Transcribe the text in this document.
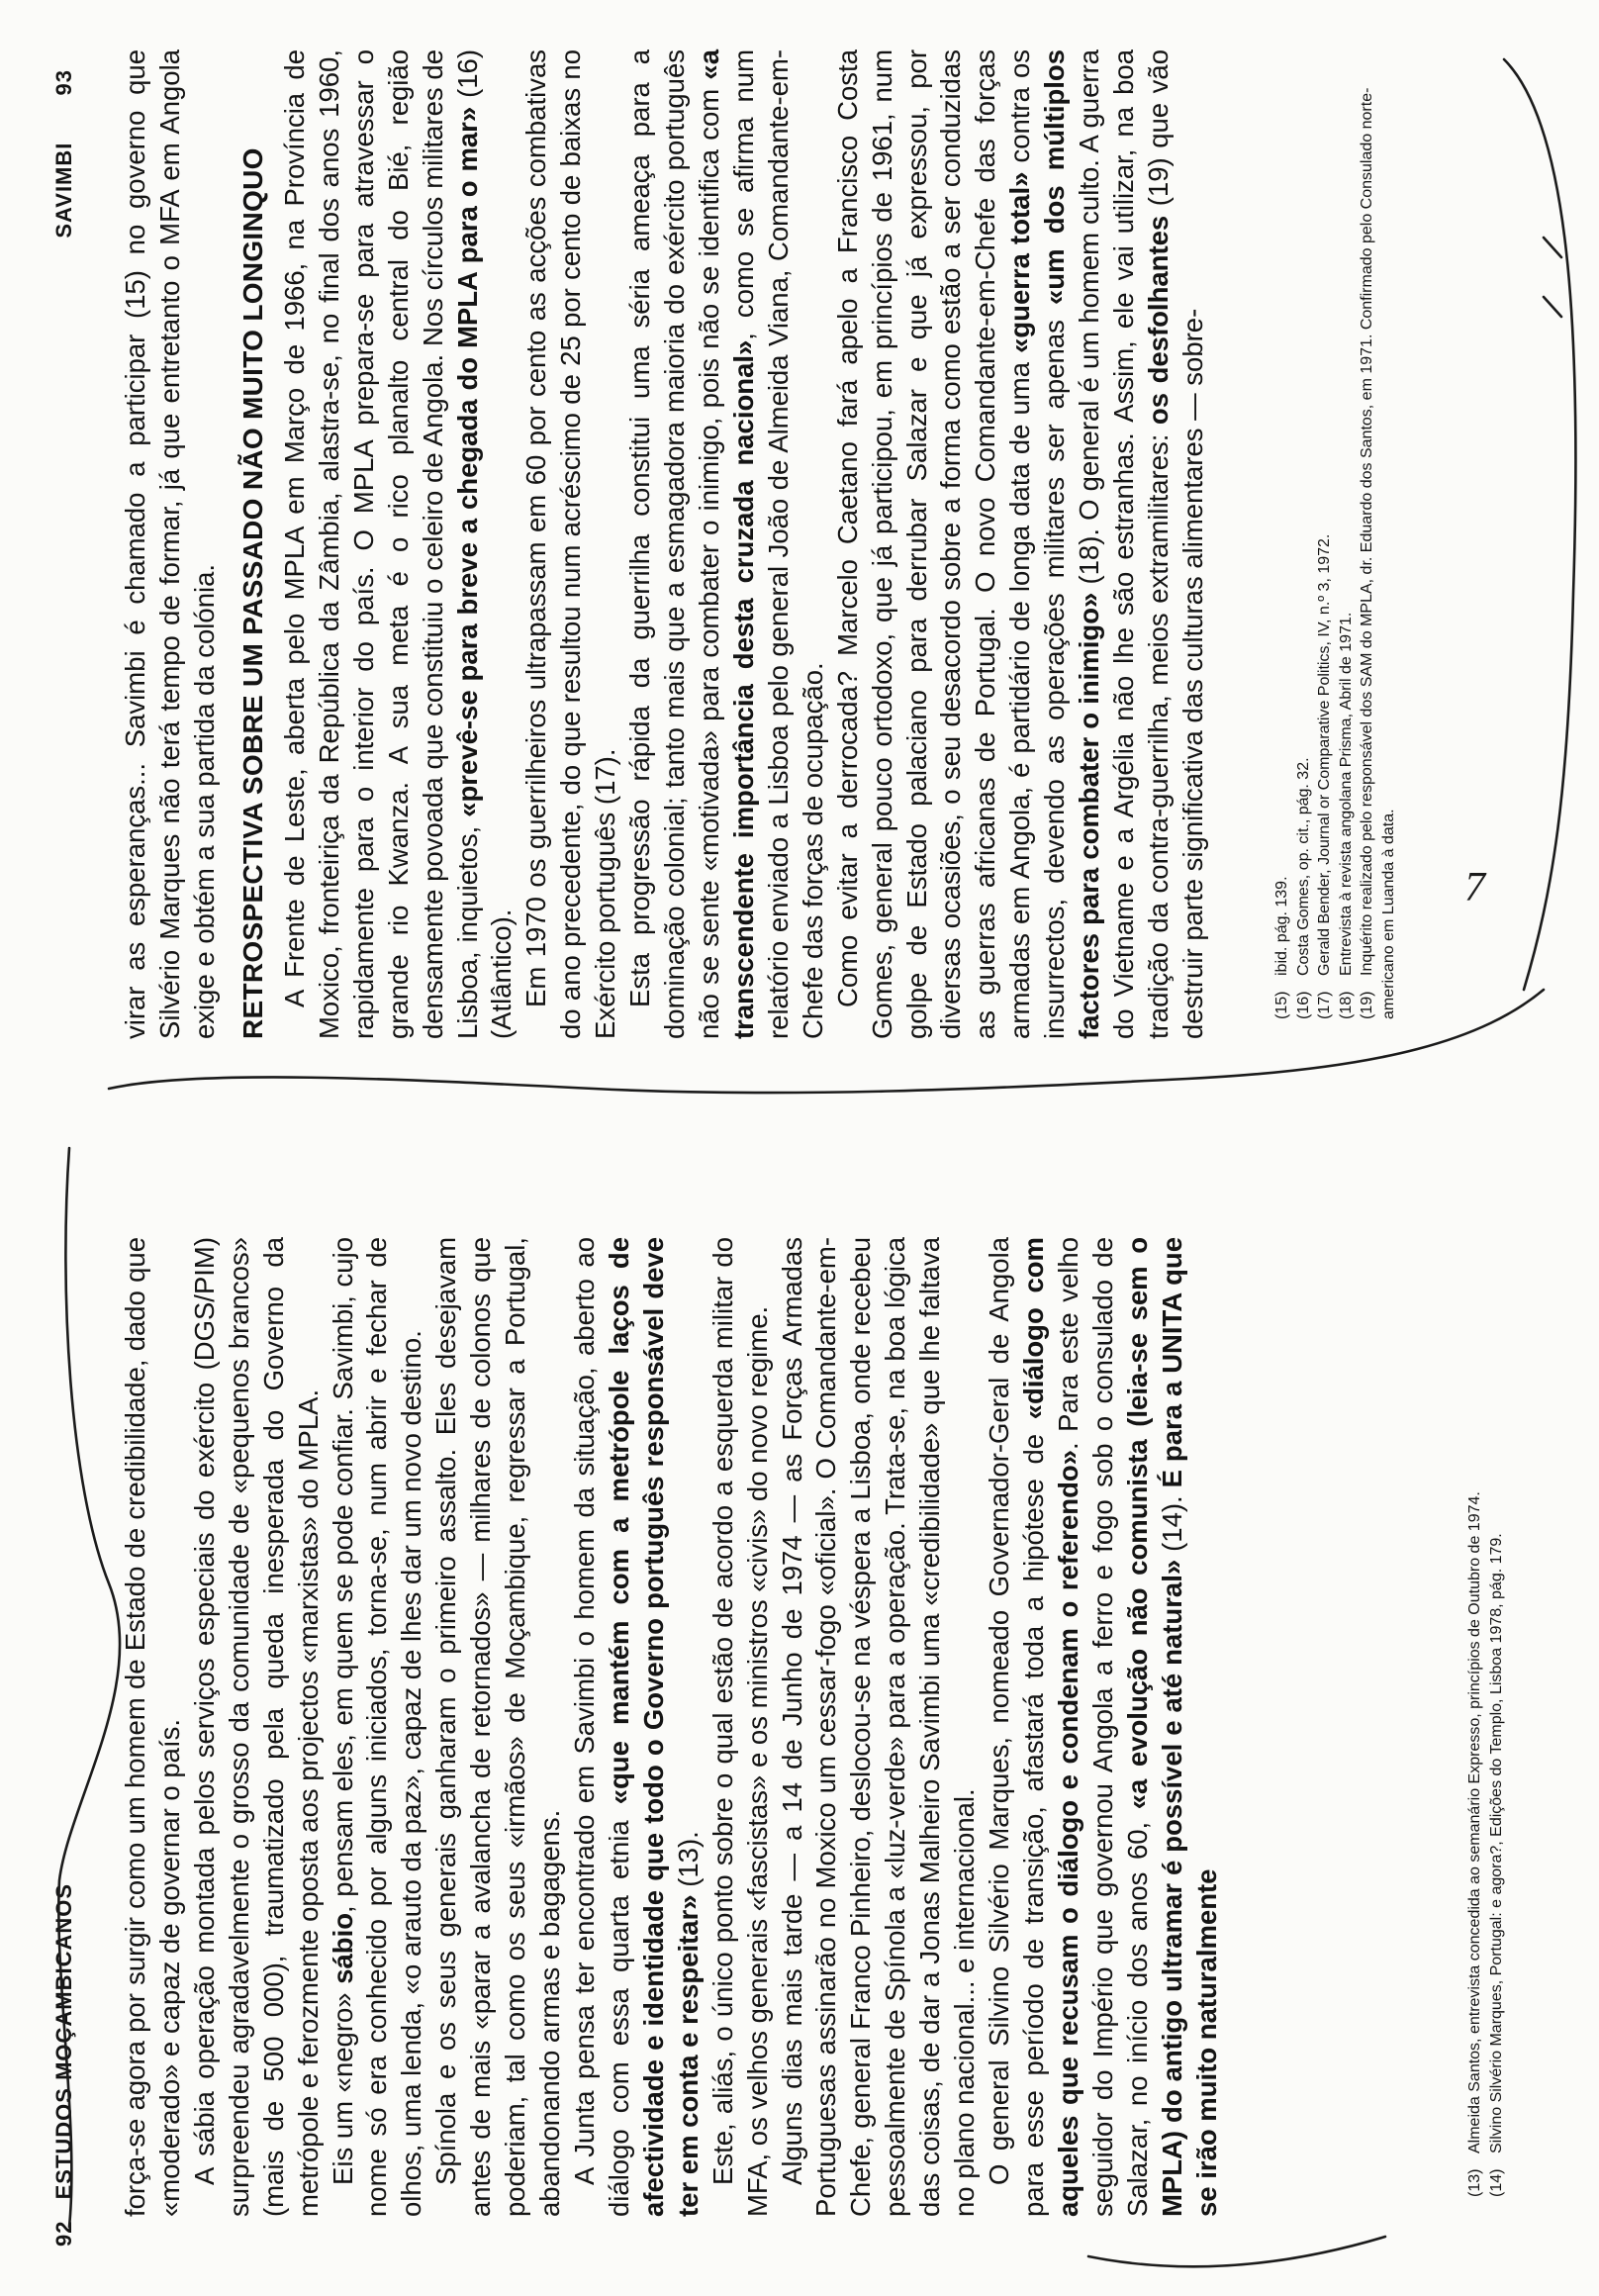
92 ESTUDOS MOÇAMBICANOS força-se agora por surgir como um homem de Estado de credibilidade, dado que «moderado» e capaz de governar o país. A sábia operação montada pelos serviços especiais do exército (DGS/PIM) surpreendeu agradavelmente o grosso da comunidade de «pequenos brancos» (mais de 500 000), traumatizado pela queda inesperada do Governo da metrópole e ferozmente oposta aos projectos «marxistas» do MPLA. Eis um «negro» sábio, pensam eles, em quem se pode confiar. Savimbi, cujo nome só era conhecido por alguns iniciados, torna-se, num abrir e fechar de olhos, uma lenda, «o arauto da paz», capaz de lhes dar um novo destino. Spínola e os seus generais ganharam o primeiro assalto. Eles desejavam antes de mais «parar a avalancha de retornados» — milhares de colonos que poderiam, tal como os seus «irmãos» de Moçambique, regressar a Portugal, abandonando armas e bagagens. A Junta pensa ter encontrado em Savimbi o homem da situação, aberto ao diálogo com essa quarta etnia «que mantém com a metrópole laços de afectividade e identidade que todo o Governo português responsável deve ter em conta e respeitar» (13). Este, aliás, o único ponto sobre o qual estão de acordo a esquerda militar do MFA, os velhos generais «fascistas» e os ministros «civis» do novo regime. Alguns dias mais tarde — a 14 de Junho de 1974 — as Forças Armadas Portuguesas assinarão no Moxico um cessar-fogo «oficial». O Comandante-em-Chefe, general Franco Pinheiro, deslocou-se na véspera a Lisboa, onde recebeu pessoalmente de Spínola a «luz-verde» para a operação. Trata-se, na boa lógica das coisas, de dar a Jonas Malheiro Savimbi uma «credibilidade» que lhe faltava no plano nacional... e internacional. O general Silvino Silvério Marques, nomeado Governador-Geral de Angola para esse período de transição, afastará toda a hipótese de «diálogo com aqueles que recusam o diálogo e condenam o referendo». Para este velho seguidor do Império que governou Angola a ferro e fogo sob o consulado de Salazar, no início dos anos 60, «a evolução não comunista (leia-se sem o MPLA) do antigo ultramar é possível e até natural» (14). É para a UNITA que se irão muito naturalmente	(13)Almeida Santos, entrevista concedida ao semanário Expresso, princípios de Outubro de 1974.

(14)Silvino Silvério Marques, Portugal: e agora?, Edições do Templo, Lisboa 1978, pág. 179.

SAVIMBI 93 virar as esperanças... Savimbi é chamado a participar (15) no governo que Silvério Marques não terá tempo de formar, já que entretanto o MFA em Angola exige e obtém a sua partida da colónia. RETROSPECTIVA SOBRE UM PASSADO NÃO MUITO LONGINQUO A Frente de Leste, aberta pelo MPLA em Março de 1966, na Província de Moxico, fronteiriça da República da Zâmbia, alastra-se, no final dos anos 1960, rapidamente para o interior do país. O MPLA prepara-se para atravessar o grande rio Kwanza. A sua meta é o rico planalto central do Bié, região densamente povoada que constituiu o celeiro de Angola. Nos círculos militares de Lisboa, inquietos, «prevê-se para breve a chegada do MPLA para o mar» (16) (Atlântico). Em 1970 os guerrilheiros ultrapassam em 60 por cento as acções combativas do ano precedente, do que resultou num acréscimo de 25 por cento de baixas no Exército português (17). Esta progressão rápida da guerrilha constitui uma séria ameaça para a dominação colonial; tanto mais que a esmagadora maioria do exército português não se sente «motivada» para combater o inimigo, pois não se identifica com «a transcendente importância desta cruzada nacional», como se afirma num relatório enviado a Lisboa pelo general João de Almeida Viana, Comandante-em-Chefe das forças de ocupação. Como evitar a derrocada? Marcelo Caetano fará apelo a Francisco Costa Gomes, general pouco ortodoxo, que já participou, em princípios de 1961, num golpe de Estado palaciano para derrubar Salazar e que já expressou, por diversas ocasiões, o seu desacordo sobre a forma como estão a ser conduzidas as guerras africanas de Portugal. O novo Comandante-em-Chefe das forças armadas em Angola, é partidário de longa data de uma «guerra total» contra os insurrectos, devendo as operações militares ser apenas «um dos múltiplos factores para combater o inimigo» (18). O general é um homem culto. A guerra do Vietname e a Argélia não lhe são estranhas. Assim, ele vai utilizar, na boa tradição da contra-guerrilha, meios extramilitares: os desfolhantes (19) que vão destruir parte significativa das culturas alimentares — sobre-	(15)ibid. pág. 139.

(16)Costa Gomes, op. cit., pág. 32.

(17)Gerald Bender, Journal or Comparative Politics, IV, n.º 3, 1972.

(18)Entrevista à revista angolana Prisma, Abril de 1971.

(19)Inquérito realizado pelo responsável dos SAM do MPLA, dr. Eduardo dos Santos, em 1971. Confirmado pelo Consulado norte-americano em Luanda à data. 7
